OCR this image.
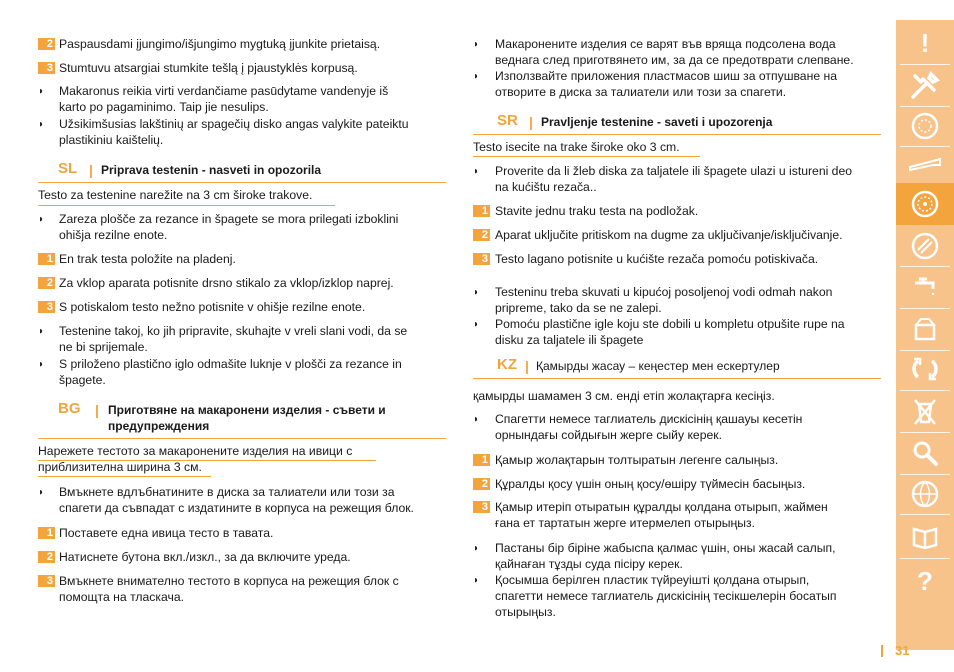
2 Paspausdami įjungimo/išjungimo mygtuką įjunkite prietaisą.
3 Stumtuvu atsargiai stumkite tešlą į pjaustyklės korpusą.
◗ Makaronus reikia virti verdančiame pasūdytame vandenyje iš
karto po pagaminimo. Taip jie nesulips.
◗ Užsikimšusias lakštinių ar spagečių disko angas valykite pateiktu
plastikiniu kaištelių.
SL | Priprava testenin - nasveti in opozorila
Testo za testenine narežite na 3 cm široke trakove.
◗ Zareza plošče za rezance in špagete se mora prilegati izboklini
ohišja rezilne enote.
1 En trak testa položite na pladenj.
2 Za vklop aparata potisnite drsno stikalo za vklop/izklop naprej.
3 S potiskalom testo nežno potisnite v ohišje rezilne enote.
◗ Testenine takoj, ko jih pripravite, skuhajte v vreli slani vodi, da se
ne bi sprijemale.
◗ S priloženo plastično iglo odmašite luknje v plošči za rezance in
špagete.
BG | Приготвяне на макаронени изделия - съвети и
предупреждения
Нарежете тестото за макаронените изделия на ивици с
приблизителна ширина 3 см.
◗ Вмъкнете вдлъбнатините в диска за талиатели или този за
спагети да съвпадат с издатините в корпуса на режещия блок.
1 Поставете една ивица тесто в тавата.
2 Натиснете бутона вкл./изкл., за да включите уреда.
3 Вмъкнете внимателно тестото в корпуса на режещия блок с
помощта на тласкача.
◗ Макаронените изделия се варят във вряща подсолена вода
веднага след приготвянето им, за да се предотврати слепване.
◗ Използвайте приложения пластмасов шиш за отпушване на
отворите в диска за талиатели или този за спагети.
SR | Pravljenje testenine - saveti i upozorenja
Testo isecite na trake široke oko 3 cm.
◗ Proverite da li žleb diska za taljatele ili špagete ulazi u istureni deo
na kućištu rezača..
1 Stavite jednu traku testa na podložak.
2 Aparat uključite pritiskom na dugme za uključivanje/isključivanje.
3 Testo lagano potisnite u kućište rezača pomoću potiskivača.
◗ Testeninu treba skuvati u kipućoj posoljenoj vodi odmah nakon
pripreme, tako da se ne zalepi.
◗ Pomoću plastične igle koju ste dobili u kompletu otpušite rupe na
disku za taljatele ili špagete
KZ | Қамырды жасау – кеңестер мен ескертулер
қамырды шамамен 3 см. енді етіп жолақтарға кесіңіз.
◗ Спагетти немесе таглиатель дискісінің қашауы кесетін
орнындағы сойдығын жерге сыйу керек.
1 Қамыр жолақтарын толтыратын легенге салыңыз.
2 Құралды қосу үшін оның қосу/өшіру түймесін басыңыз.
3 Қамыр итеріп отыратын құралды қолдана отырып, жаймен
ғана ет тартатын жерге итермелеп отырыңыз.
◗ Пастаны бір біріне жабыспа қалмас үшін, оны жасай салып,
қайнаған тұзды суда пісіру керек.
◗ Қосымша берілген пластик түйреуішті қолдана отырып,
спагетти немесе таглиатель дискісінің тесікшелерін босатып
отырыңыз.
!
?
31
